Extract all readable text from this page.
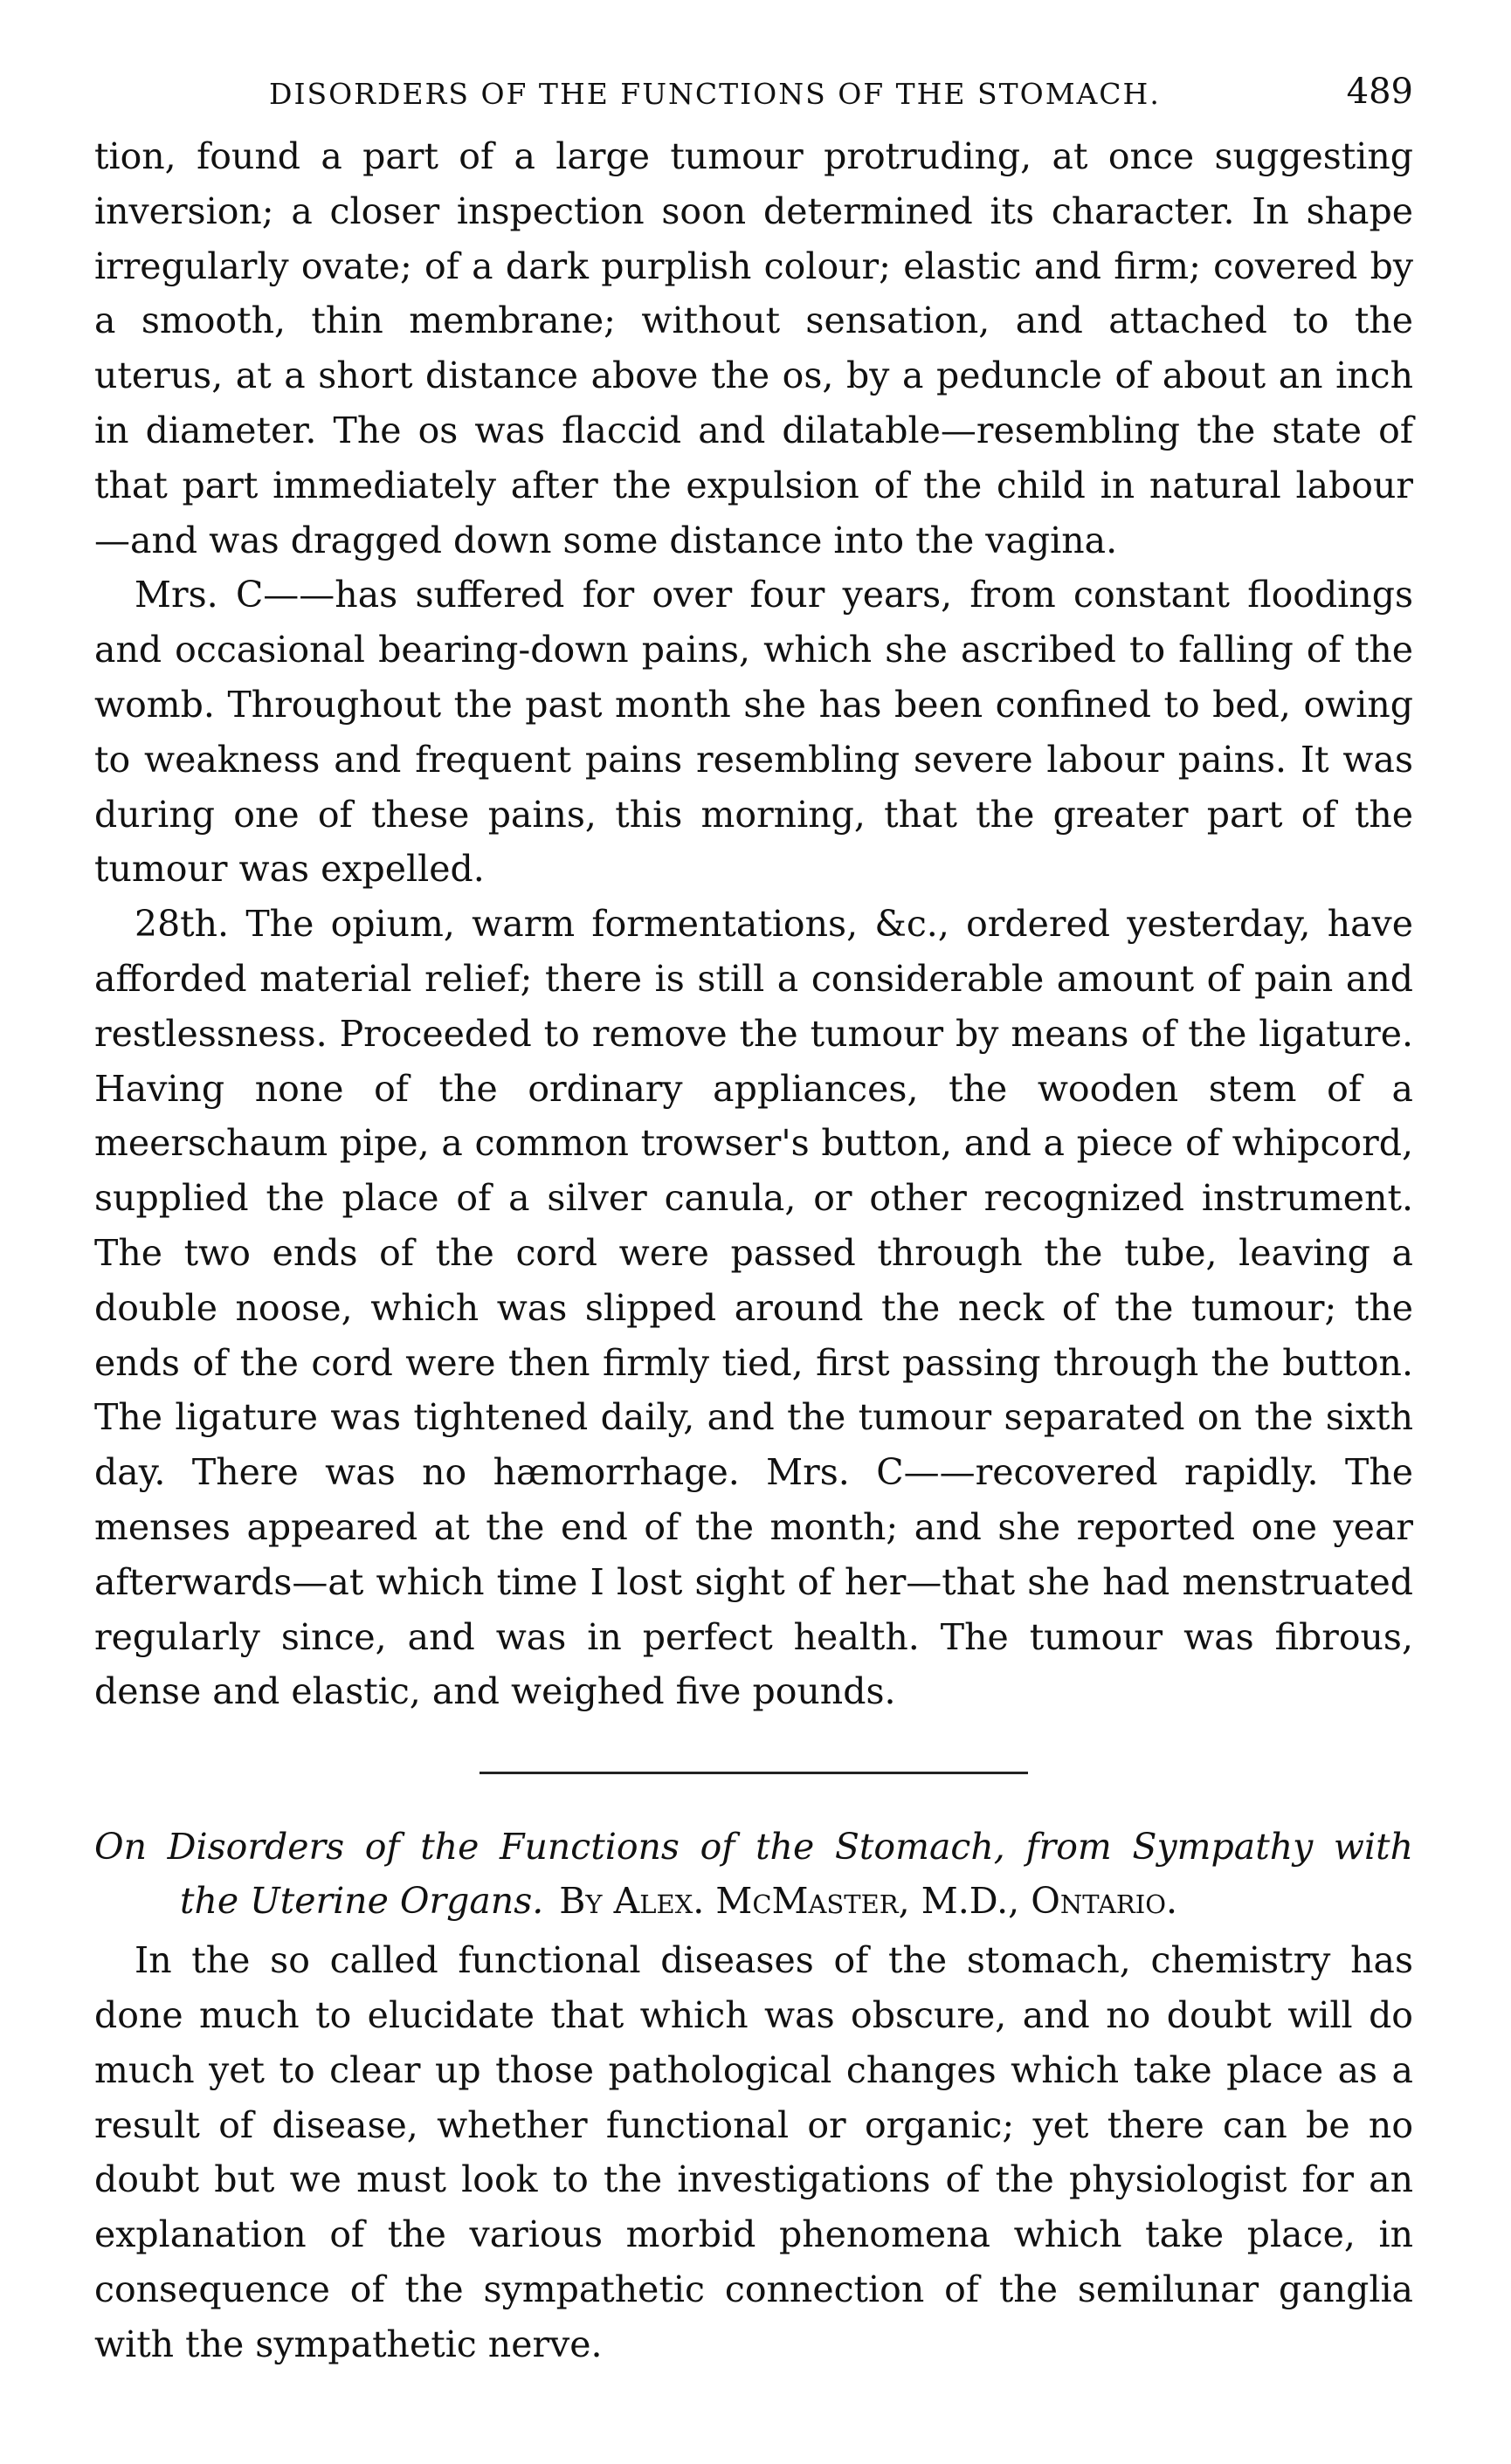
DISORDERS OF THE FUNCTIONS OF THE STOMACH.	489

tion, found a part of a large tumour protruding, at once suggesting inversion; a closer inspection soon determined its character. In shape irregularly ovate; of a dark purplish colour; elastic and firm; covered by a smooth, thin membrane; without sensation, and attached to the uterus, at a short distance above the os, by a peduncle of about an inch in diameter. The os was flaccid and dilatable—resembling the state of that part immediately after the expulsion of the child in natural labour—and was dragged down some distance into the vagina.

Mrs. C——has suffered for over four years, from constant floodings and occasional bearing-down pains, which she ascribed to falling of the womb. Throughout the past month she has been confined to bed, owing to weakness and frequent pains resembling severe labour pains. It was during one of these pains, this morning, that the greater part of the tumour was expelled.

28th. The opium, warm formentations, &c., ordered yesterday, have afforded material relief; there is still a considerable amount of pain and restlessness. Proceeded to remove the tumour by means of the ligature. Having none of the ordinary appliances, the wooden stem of a meerschaum pipe, a common trowser's button, and a piece of whipcord, supplied the place of a silver canula, or other recognized instrument. The two ends of the cord were passed through the tube, leaving a double noose, which was slipped around the neck of the tumour; the ends of the cord were then firmly tied, first passing through the button. The ligature was tightened daily, and the tumour separated on the sixth day. There was no hæmorrhage. Mrs. C——recovered rapidly. The menses appeared at the end of the month; and she reported one year afterwards—at which time I lost sight of her—that she had menstruated regularly since, and was in perfect health. The tumour was fibrous, dense and elastic, and weighed five pounds.

On Disorders of the Functions of the Stomach, from Sympathy with
the Uterine Organs. By Alex. McMaster, M.D., Ontario.

In the so called functional diseases of the stomach, chemistry has done much to elucidate that which was obscure, and no doubt will do much yet to clear up those pathological changes which take place as a result of disease, whether functional or organic; yet there can be no doubt but we must look to the investigations of the physiologist for an explanation of the various morbid phenomena which take place, in consequence of the sympathetic connection of the semilunar ganglia with the sympathetic nerve.
